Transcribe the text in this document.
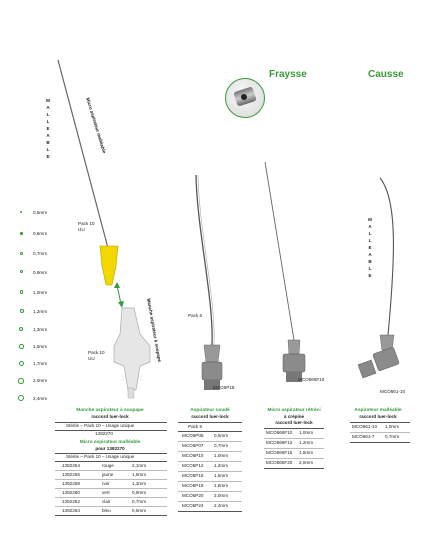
Fraysse	Causse
M
A
L
L
E
A
B
L
E
M
A
L
L
E
A
B
L
E
Micro aspirateur malléable
Manche aspirateur à soupape
Pack 10
UU
Pack 10
UU
0,5mm
0,6mm
0,7mm
0,9mm
1,0mm
1,2mm
1,3mm
1,5mm
1,7mm
2,0mm
2,4mm
Pack 5
MCO5P18
MCO566F10
MCO661-10
Manche aspirateur à soupape
raccord luer-lock
Stérile – Pack 10 – Usage unique
1392270
Micro aspirateur malléable
pour 1392270
Stérile – Pack 10 – Usage unique
1392254	rouge	2,1mm
1392256	jaune	1,6mm
1392258	noir	1,3mm
1392260	vert	0,9mm
1392262	clair	0,7mm
1392264	bleu	0,5mm
Aspirateur coudé
raccord luer-lock
Pack 5
MCO5P05 0,5mm
MCO5P07 0,7mm
MCO5P10 1,0mm
MCO5P12 1,2mm
MCO5P15 1,5mm
MCO5P18 1,8mm
MCO5P20 2,0mm
MCO5P24 2,4mm
Micro aspirateur rétréci
à crépine
raccord luer-lock
MCO566F10 1,0mm
MCO566F12 1,2mm
MCO566F15 1,5mm
MCO566F20 2,0mm
Aspirateur malléable
raccord luer-lock
MCO661-10 1,0mm
MCO661-7 0,7mm
